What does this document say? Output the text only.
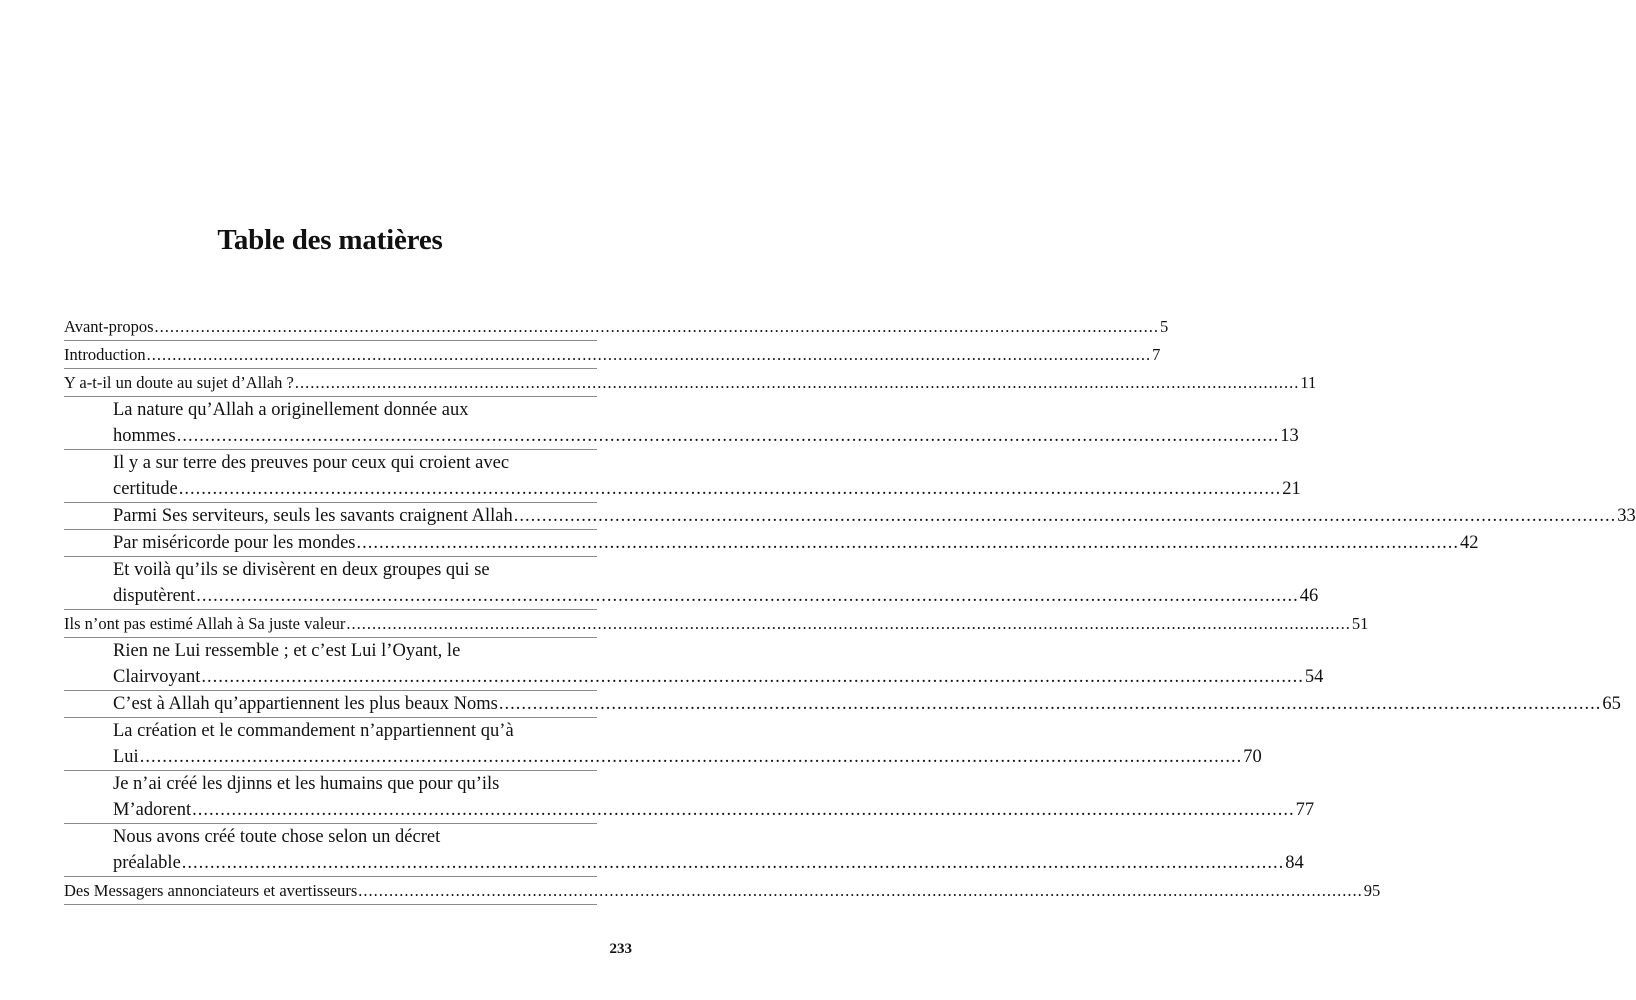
Table des matières
Avant-propos .................................................................................................................................................................................................... 5
Introduction .................................................................................................................................................................................................... 7
Y a-t-il un doute au sujet d’Allah ? .................................................................................................................................................................................................... 11
La nature qu’Allah a originellement donnée aux
hommes .................................................................................................................................................................................................... 13
Il y a sur terre des preuves pour ceux qui croient avec
certitude .................................................................................................................................................................................................... 21
Parmi Ses serviteurs, seuls les savants craignent Allah .................................................................................................................................................................................................... 33
Par miséricorde pour les mondes .................................................................................................................................................................................................... 42
Et voilà qu’ils se divisèrent en deux groupes qui se
disputèrent .................................................................................................................................................................................................... 46
Ils n’ont pas estimé Allah à Sa juste valeur .................................................................................................................................................................................................... 51
Rien ne Lui ressemble ; et c’est Lui l’Oyant, le
Clairvoyant .................................................................................................................................................................................................... 54
C’est à Allah qu’appartiennent les plus beaux Noms .................................................................................................................................................................................................... 65
La création et le commandement n’appartiennent qu’à
Lui .................................................................................................................................................................................................... 70
Je n’ai créé les djinns et les humains que pour qu’ils
M’adorent .................................................................................................................................................................................................... 77
Nous avons créé toute chose selon un décret
préalable .................................................................................................................................................................................................... 84
Des Messagers annonciateurs et avertisseurs .................................................................................................................................................................................................... 95
233
